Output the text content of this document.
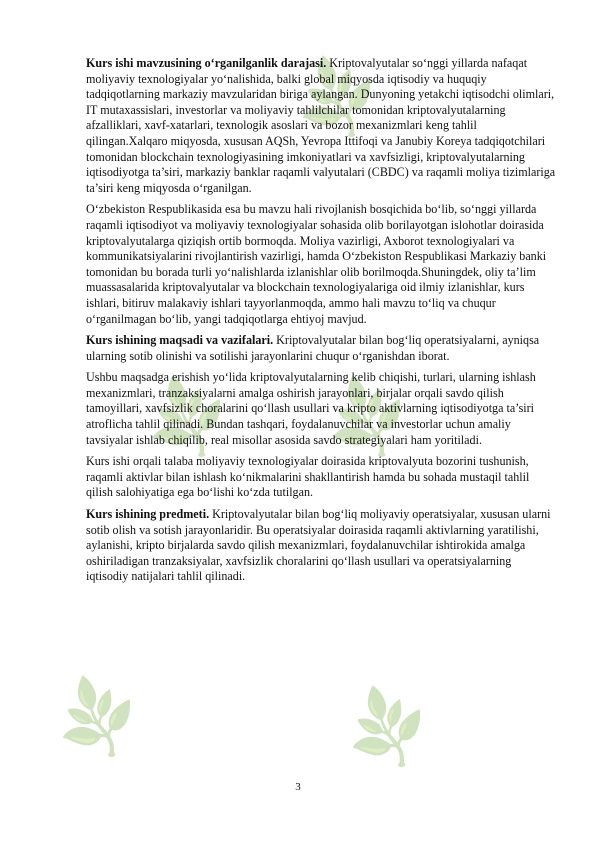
🌿
🌿 🌿
🌿	🌿

Kurs ishi mavzusining o‘rganilganlik darajasi. Kriptovalyutalar so‘nggi yillarda nafaqat moliyaviy texnologiyalar yo‘nalishida, balki global miqyosda iqtisodiy va huquqiy tadqiqotlarning markaziy mavzularidan biriga aylangan. Dunyoning yetakchi iqtisodchi olimlari, IT mutaxassislari, investorlar va moliyaviy tahlilchilar tomonidan kriptovalyutalarning afzalliklari, xavf-xatarlari, texnologik asoslari va bozor mexanizmlari keng tahlil qilingan.Xalqaro miqyosda, xususan AQSh, Yevropa Ittifoqi va Janubiy Koreya tadqiqotchilari tomonidan blockchain texnologiyasining imkoniyatlari va xavfsizligi, kriptovalyutalarning iqtisodiyotga ta’siri, markaziy banklar raqamli valyutalari (CBDC) va raqamli moliya tizimlariga ta’siri keng miqyosda o‘rganilgan.

O‘zbekiston Respublikasida esa bu mavzu hali rivojlanish bosqichida bo‘lib, so‘nggi yillarda raqamli iqtisodiyot va moliyaviy texnologiyalar sohasida olib borilayotgan islohotlar doirasida kriptovalyutalarga qiziqish ortib bormoqda. Moliya vazirligi, Axborot texnologiyalari va kommunikatsiyalarini rivojlantirish vazirligi, hamda O‘zbekiston Respublikasi Markaziy banki tomonidan bu borada turli yo‘nalishlarda izlanishlar olib borilmoqda.Shuningdek, oliy ta’lim muassasalarida kriptovalyutalar va blockchain texnologiyalariga oid ilmiy izlanishlar, kurs ishlari, bitiruv malakaviy ishlari tayyorlanmoqda, ammo hali mavzu to‘liq va chuqur o‘rganilmagan bo‘lib, yangi tadqiqotlarga ehtiyoj mavjud.

Kurs ishining maqsadi va vazifalari. Kriptovalyutalar bilan bog‘liq operatsiyalarni, ayniqsa ularning sotib olinishi va sotilishi jarayonlarini chuqur o‘rganishdan iborat.

Ushbu maqsadga erishish yo‘lida kriptovalyutalarning kelib chiqishi, turlari, ularning ishlash mexanizmlari, tranzaksiyalarni amalga oshirish jarayonlari, birjalar orqali savdo qilish tamoyillari, xavfsizlik choralarini qo‘llash usullari va kripto aktivlarning iqtisodiyotga ta’siri atroflicha tahlil qilinadi. Bundan tashqari, foydalanuvchilar va investorlar uchun amaliy tavsiyalar ishlab chiqilib, real misollar asosida savdo strategiyalari ham yoritiladi.

Kurs ishi orqali talaba moliyaviy texnologiyalar doirasida kriptovalyuta bozorini tushunish, raqamli aktivlar bilan ishlash ko‘nikmalarini shakllantirish hamda bu sohada mustaqil tahlil qilish salohiyatiga ega bo‘lishi ko‘zda tutilgan.

Kurs ishining predmeti. Kriptovalyutalar bilan bog‘liq moliyaviy operatsiyalar, xususan ularni sotib olish va sotish jarayonlaridir. Bu operatsiyalar doirasida raqamli aktivlarning yaratilishi, aylanishi, kripto birjalarda savdo qilish mexanizmlari, foydalanuvchilar ishtirokida amalga oshiriladigan tranzaksiyalar, xavfsizlik choralarini qo‘llash usullari va operatsiyalarning iqtisodiy natijalari tahlil qilinadi.

3
